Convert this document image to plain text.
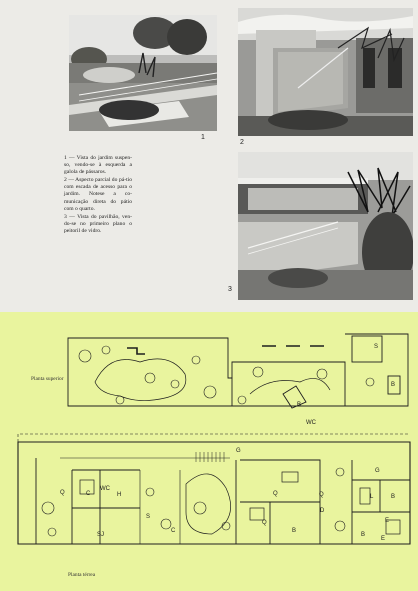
1
2
3

1 — Vista do jardim suspen-so, vendo-se à esquerda a galola de pássaros.

2 — Aspecto parcial do pá-tio com escada de acesso para o jardim. Notese a co-municação direta do pátio com o quarto.

3 — Vista do pavilhão, ven-do-se no primeiro plano o peitoril de vidro.

S
B
B
WC
G
G
Q	C
WC
H
S
SJ
C
Q
Q
B
Q	L	B
E
E
B
D
Planta superior
Planta térrea
